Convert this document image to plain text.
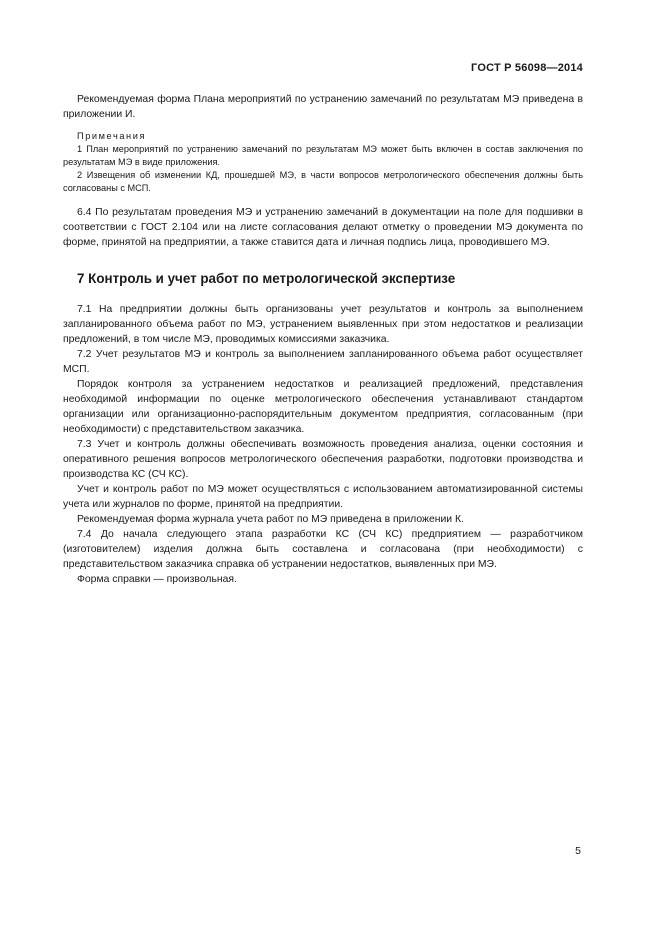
ГОСТ Р 56098—2014

Рекомендуемая форма Плана мероприятий по устранению замечаний по результатам МЭ приведена в приложении И.

Примечания

1 План мероприятий по устранению замечаний по результатам МЭ может быть включен в состав заключения по результатам МЭ в виде приложения.

2 Извещения об изменении КД, прошедшей МЭ, в части вопросов метрологического обеспечения должны быть согласованы с МСП.

6.4 По результатам проведения МЭ и устранению замечаний в документации на поле для подшивки в соответствии с ГОСТ 2.104 или на листе согласования делают отметку о проведении МЭ документа по форме, принятой на предприятии, а также ставится дата и личная подпись лица, проводившего МЭ.

7 Контроль и учет работ по метрологической экспертизе

7.1 На предприятии должны быть организованы учет результатов и контроль за выполнением запланированного объема работ по МЭ, устранением выявленных при этом недостатков и реализации предложений, в том числе МЭ, проводимых комиссиями заказчика.

7.2 Учет результатов МЭ и контроль за выполнением запланированного объема работ осуществляет МСП.

Порядок контроля за устранением недостатков и реализацией предложений, представления необходимой информации по оценке метрологического обеспечения устанавливают стандартом организации или организационно-распорядительным документом предприятия, согласованным (при необходимости) с представительством заказчика.

7.3 Учет и контроль должны обеспечивать возможность проведения анализа, оценки состояния и оперативного решения вопросов метрологического обеспечения разработки, подготовки производства и производства КС (СЧ КС).

Учет и контроль работ по МЭ может осуществляться с использованием автоматизированной системы учета или журналов по форме, принятой на предприятии.

Рекомендуемая форма журнала учета работ по МЭ приведена в приложении К.

7.4 До начала следующего этапа разработки КС (СЧ КС) предприятием — разработчиком (изготовителем) изделия должна быть составлена и согласована (при необходимости) с представительством заказчика справка об устранении недостатков, выявленных при МЭ.

Форма справки — произвольная.

5
